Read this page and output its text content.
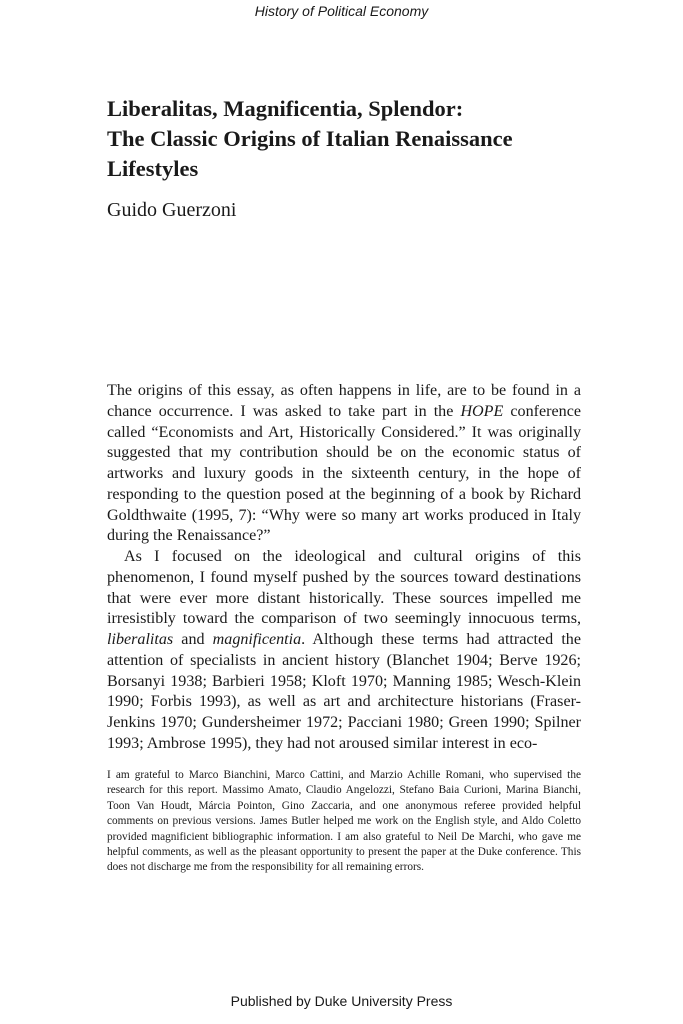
History of Political Economy
Liberalitas, Magnificentia, Splendor:
The Classic Origins of Italian Renaissance
Lifestyles
Guido Guerzoni

The origins of this essay, as often happens in life, are to be found in a chance occurrence. I was asked to take part in the HOPE conference called “Economists and Art, Historically Considered.” It was originally suggested that my contribution should be on the economic status of artworks and luxury goods in the sixteenth century, in the hope of responding to the question posed at the beginning of a book by Richard Goldthwaite (1995, 7): “Why were so many art works produced in Italy during the Renaissance?”

As I focused on the ideological and cultural origins of this phenomenon, I found myself pushed by the sources toward destinations that were ever more distant historically. These sources impelled me irresistibly toward the comparison of two seemingly innocuous terms, liberalitas and magnificentia. Although these terms had attracted the attention of specialists in ancient history (Blanchet 1904; Berve 1926; Borsanyi 1938; Barbieri 1958; Kloft 1970; Manning 1985; Wesch-Klein 1990; Forbis 1993), as well as art and architecture historians (Fraser-Jenkins 1970; Gundersheimer 1972; Pacciani 1980; Green 1990; Spilner 1993; Ambrose 1995), they had not aroused similar interest in eco-

I am grateful to Marco Bianchini, Marco Cattini, and Marzio Achille Romani, who supervised the research for this report. Massimo Amato, Claudio Angelozzi, Stefano Baia Curioni, Marina Bianchi, Toon Van Houdt, Márcia Pointon, Gino Zaccaria, and one anonymous referee provided helpful comments on previous versions. James Butler helped me work on the English style, and Aldo Coletto provided magnificient bibliographic information. I am also grateful to Neil De Marchi, who gave me helpful comments, as well as the pleasant opportunity to present the paper at the Duke conference. This does not discharge me from the responsibility for all remaining errors.

Published by Duke University Press
